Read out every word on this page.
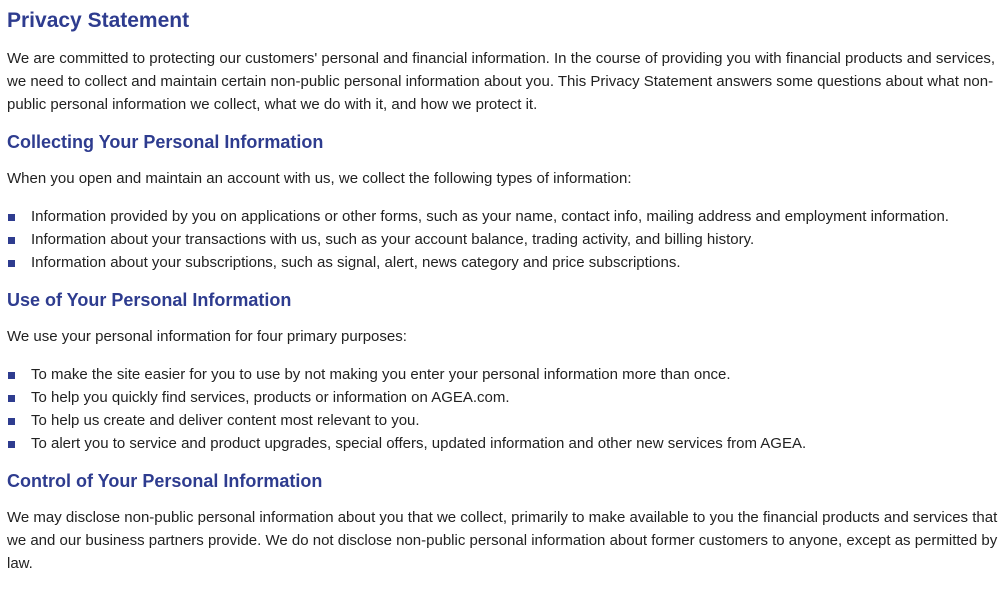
Privacy Statement

We are committed to protecting our customers' personal and financial information. In the course of providing you with financial products and services, we need to collect and maintain certain non-public personal information about you. This Privacy Statement answers some questions about what non-public personal information we collect, what we do with it, and how we protect it.

Collecting Your Personal Information

When you open and maintain an account with us, we collect the following types of information:

Information provided by you on applications or other forms, such as your name, contact info, mailing address and employment information.
Information about your transactions with us, such as your account balance, trading activity, and billing history.
Information about your subscriptions, such as signal, alert, news category and price subscriptions.
Use of Your Personal Information

We use your personal information for four primary purposes:

To make the site easier for you to use by not making you enter your personal information more than once.
To help you quickly find services, products or information on AGEA.com.
To help us create and deliver content most relevant to you.
To alert you to service and product upgrades, special offers, updated information and other new services from AGEA.
Control of Your Personal Information

We may disclose non-public personal information about you that we collect, primarily to make available to you the financial products and services that we and our business partners provide. We do not disclose non-public personal information about former customers to anyone, except as permitted by law.
